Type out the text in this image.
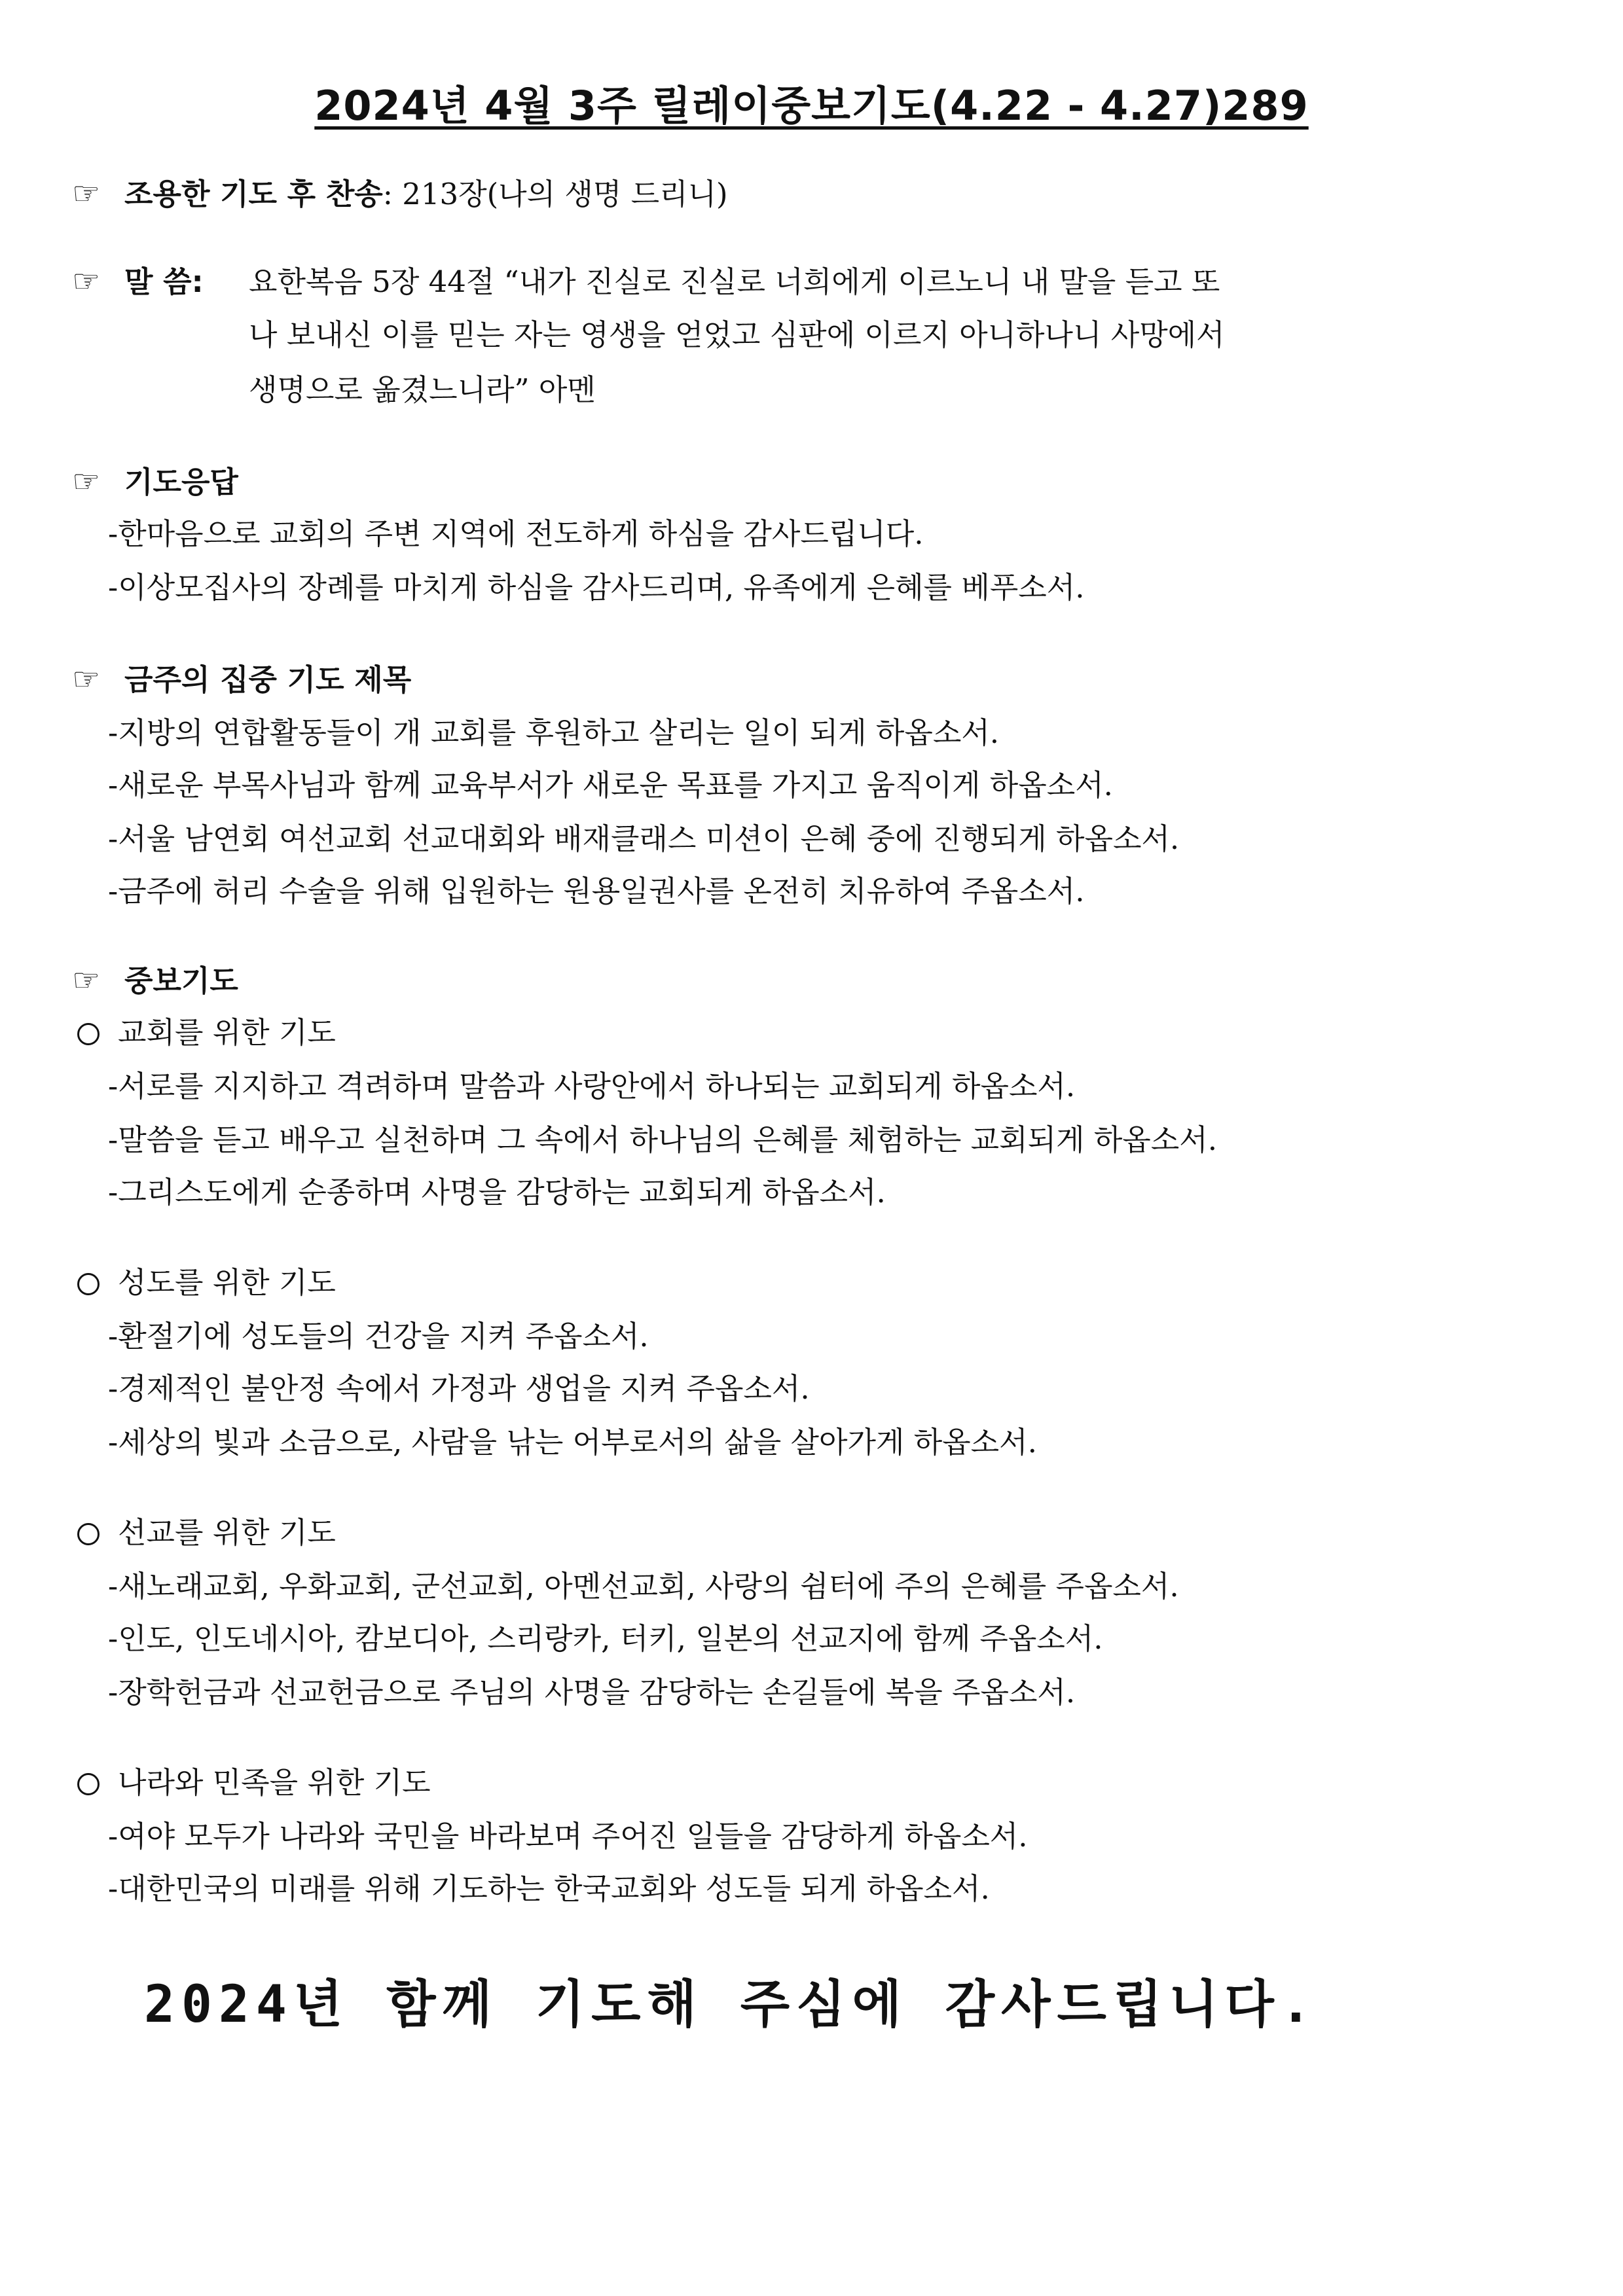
2024년 4월 3주 릴레이중보기도(4.22 - 4.27)289
☞ 조용한 기도 후 찬송: 213장(나의 생명 드리니)
☞ 말 씀: 요한복음 5장 44절 “내가 진실로 진실로 너희에게 이르노니 내 말을 듣고 또
나 보내신 이를 믿는 자는 영생을 얻었고 심판에 이르지 아니하나니 사망에서
생명으로 옮겼느니라” 아멘
☞ 기도응답
-한마음으로 교회의 주변 지역에 전도하게 하심을 감사드립니다.
-이상모집사의 장례를 마치게 하심을 감사드리며, 유족에게 은혜를 베푸소서.
☞ 금주의 집중 기도 제목
-지방의 연합활동들이 개 교회를 후원하고 살리는 일이 되게 하옵소서.
-새로운 부목사님과 함께 교육부서가 새로운 목표를 가지고 움직이게 하옵소서.
-서울 남연회 여선교회 선교대회와 배재클래스 미션이 은혜 중에 진행되게 하옵소서.
-금주에 허리 수술을 위해 입원하는 원용일권사를 온전히 치유하여 주옵소서.
☞ 중보기도
교회를 위한 기도
-서로를 지지하고 격려하며 말씀과 사랑안에서 하나되는 교회되게 하옵소서.
-말씀을 듣고 배우고 실천하며 그 속에서 하나님의 은혜를 체험하는 교회되게 하옵소서.
-그리스도에게 순종하며 사명을 감당하는 교회되게 하옵소서.
성도를 위한 기도
-환절기에 성도들의 건강을 지켜 주옵소서.
-경제적인 불안정 속에서 가정과 생업을 지켜 주옵소서.
-세상의 빛과 소금으로, 사람을 낚는 어부로서의 삶을 살아가게 하옵소서.
선교를 위한 기도
-새노래교회, 우화교회, 군선교회, 아멘선교회, 사랑의 쉼터에 주의 은혜를 주옵소서.
-인도, 인도네시아, 캄보디아, 스리랑카, 터키, 일본의 선교지에 함께 주옵소서.
-장학헌금과 선교헌금으로 주님의 사명을 감당하는 손길들에 복을 주옵소서.
나라와 민족을 위한 기도
-여야 모두가 나라와 국민을 바라보며 주어진 일들을 감당하게 하옵소서.
-대한민국의 미래를 위해 기도하는 한국교회와 성도들 되게 하옵소서.
2024년 함께 기도해 주심에 감사드립니다.
